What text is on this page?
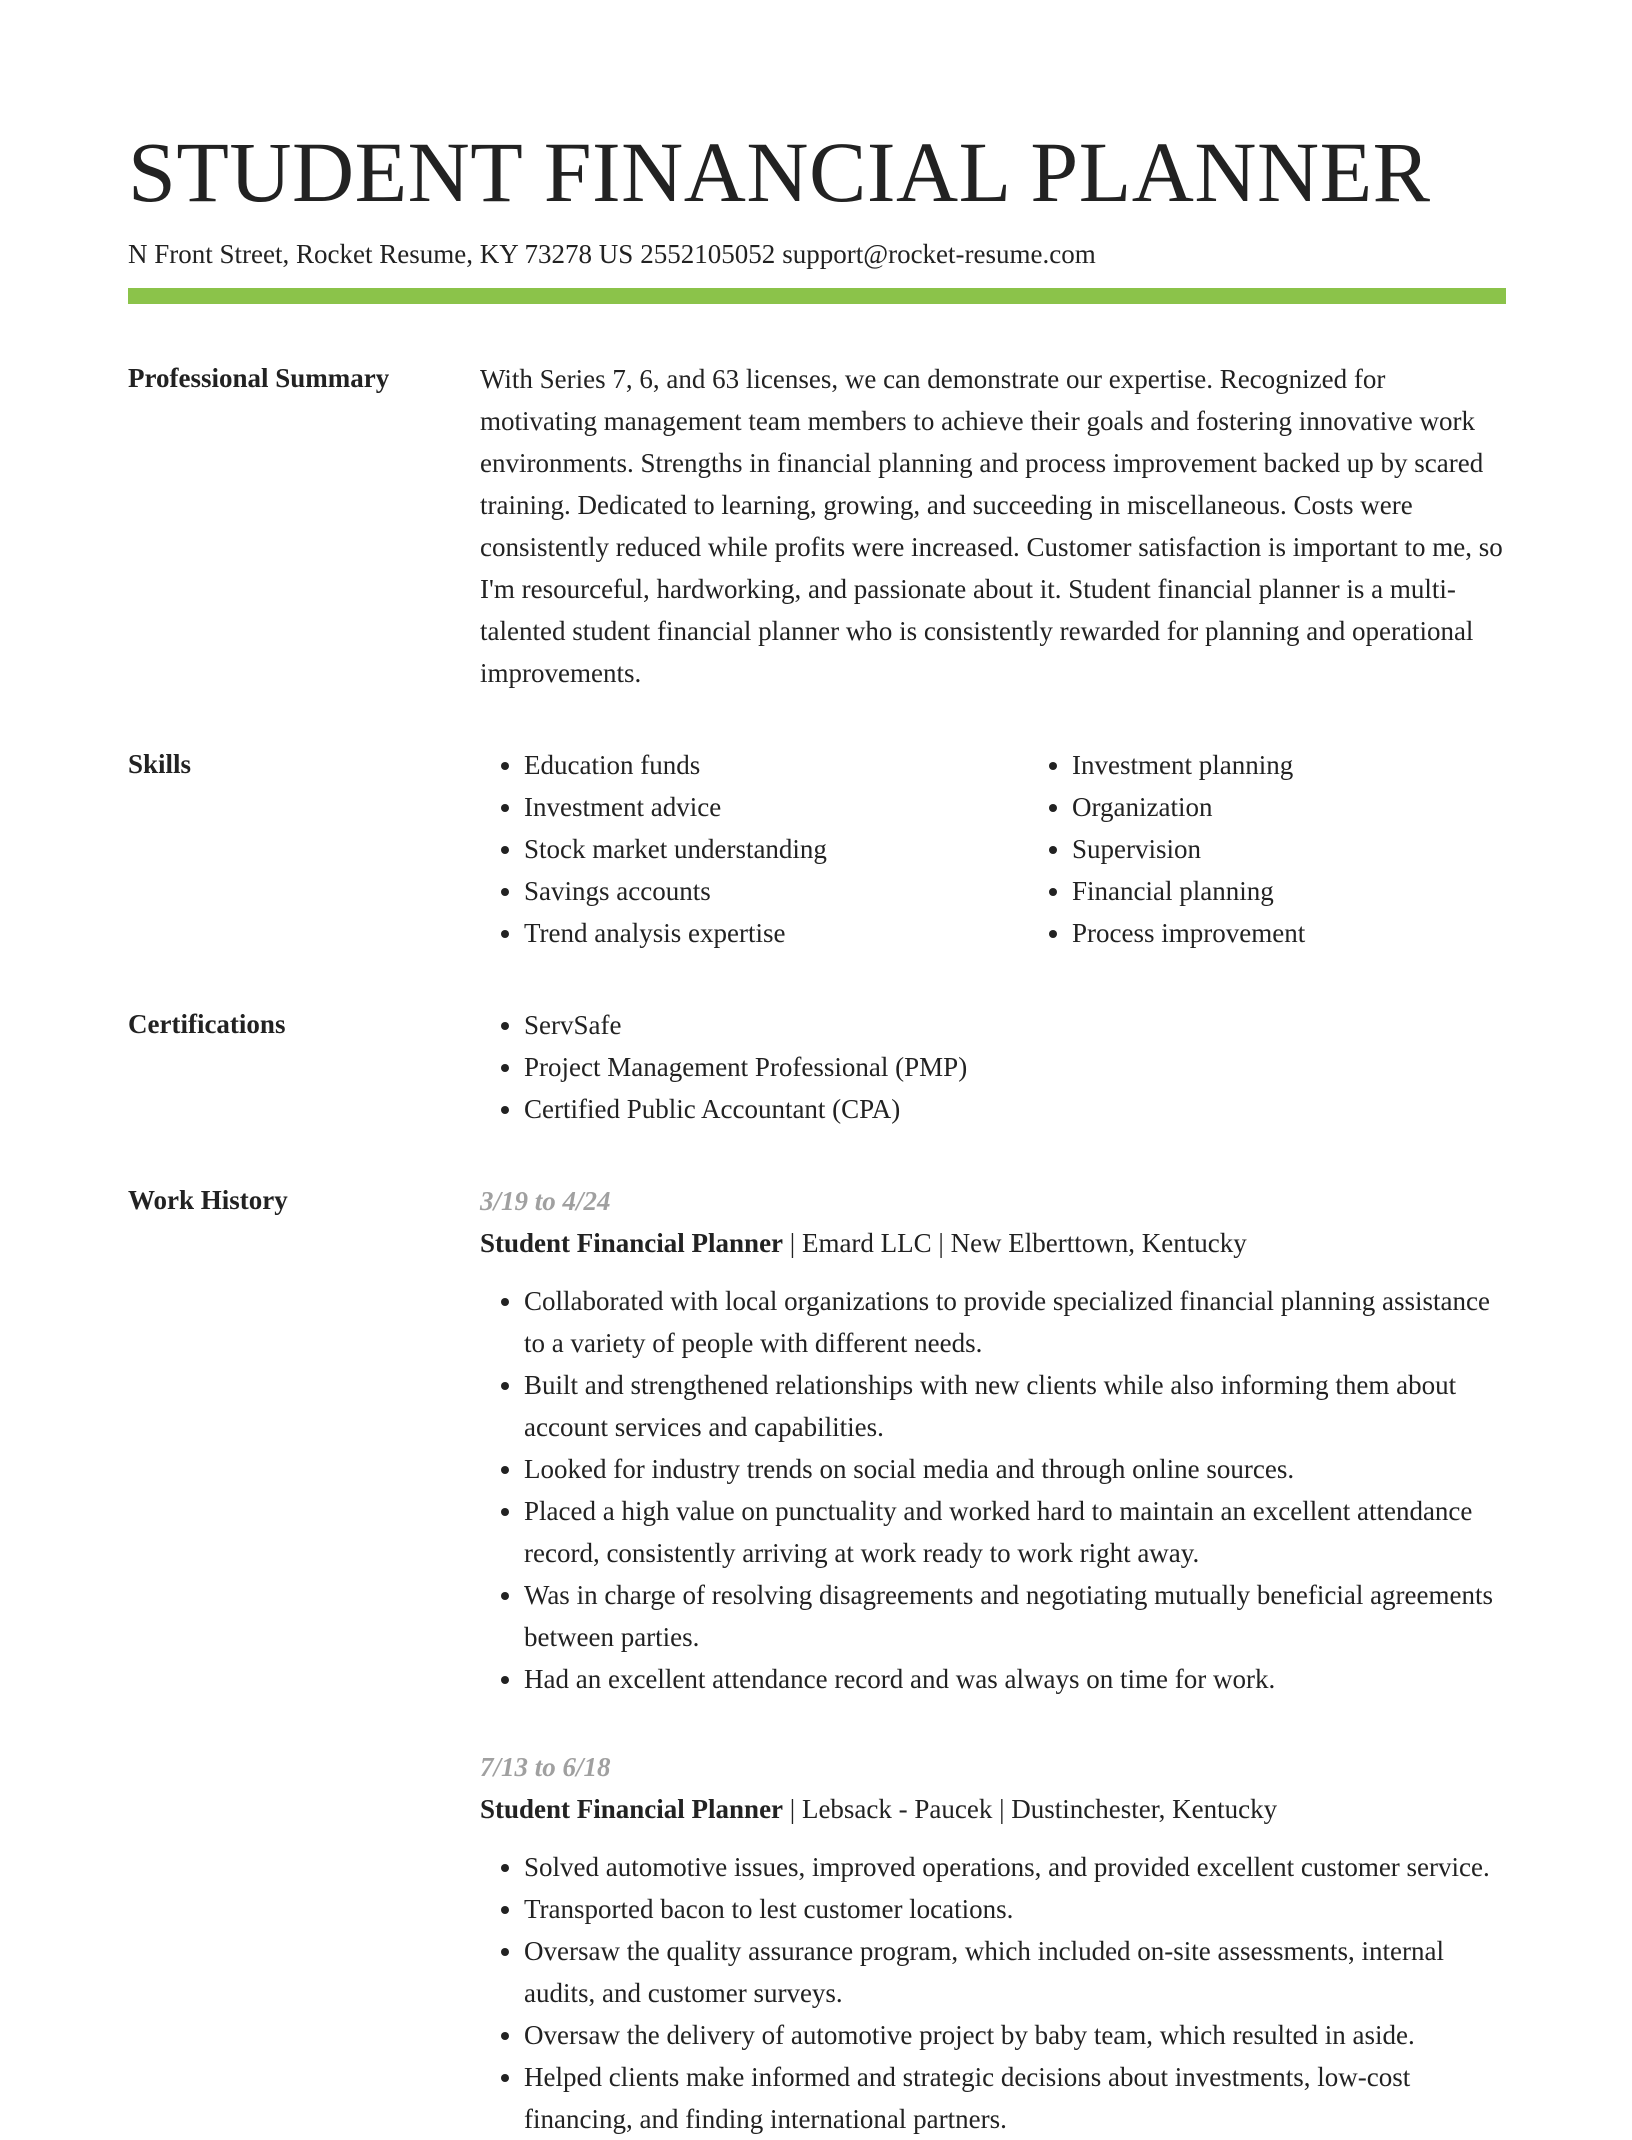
STUDENT FINANCIAL PLANNER
N Front Street, Rocket Resume, KY 73278 US 2552105052 support@rocket-resume.com
Professional Summary	With Series 7, 6, and 63 licenses, we can demonstrate our expertise. Recognized for motivating management team members to achieve their goals and fostering innovative work environments. Strengths in financial planning and process improvement backed up by scared training. Dedicated to learning, growing, and succeeding in miscellaneous. Costs were consistently reduced while profits were increased. Customer satisfaction is important to me, so I'm resourceful, hardworking, and passionate about it. Student financial planner is a multi-talented student financial planner who is consistently rewarded for planning and operational improvements.

Skills	• Education funds
• Investment advice
• Stock market understanding
• Savings accounts
• Trend analysis expertise
• Investment planning
• Organization
• Supervision
• Financial planning
• Process improvement
Certifications	• ServSafe
• Project Management Professional (PMP)
• Certified Public Accountant (CPA)
Work History	3/19 to 4/24
Student Financial Planner | Emard LLC | New Elberttown, Kentucky
• Collaborated with local organizations to provide specialized financial planning assistance to a variety of people with different needs.
• Built and strengthened relationships with new clients while also informing them about account services and capabilities.
• Looked for industry trends on social media and through online sources.
• Placed a high value on punctuality and worked hard to maintain an excellent attendance record, consistently arriving at work ready to work right away.
• Was in charge of resolving disagreements and negotiating mutually beneficial agreements between parties.
• Had an excellent attendance record and was always on time for work.
7/13 to 6/18
Student Financial Planner | Lebsack - Paucek | Dustinchester, Kentucky
• Solved automotive issues, improved operations, and provided excellent customer service.
• Transported bacon to lest customer locations.
• Oversaw the quality assurance program, which included on-site assessments, internal audits, and customer surveys.
• Oversaw the delivery of automotive project by baby team, which resulted in aside.
• Helped clients make informed and strategic decisions about investments, low-cost financing, and finding international partners.
